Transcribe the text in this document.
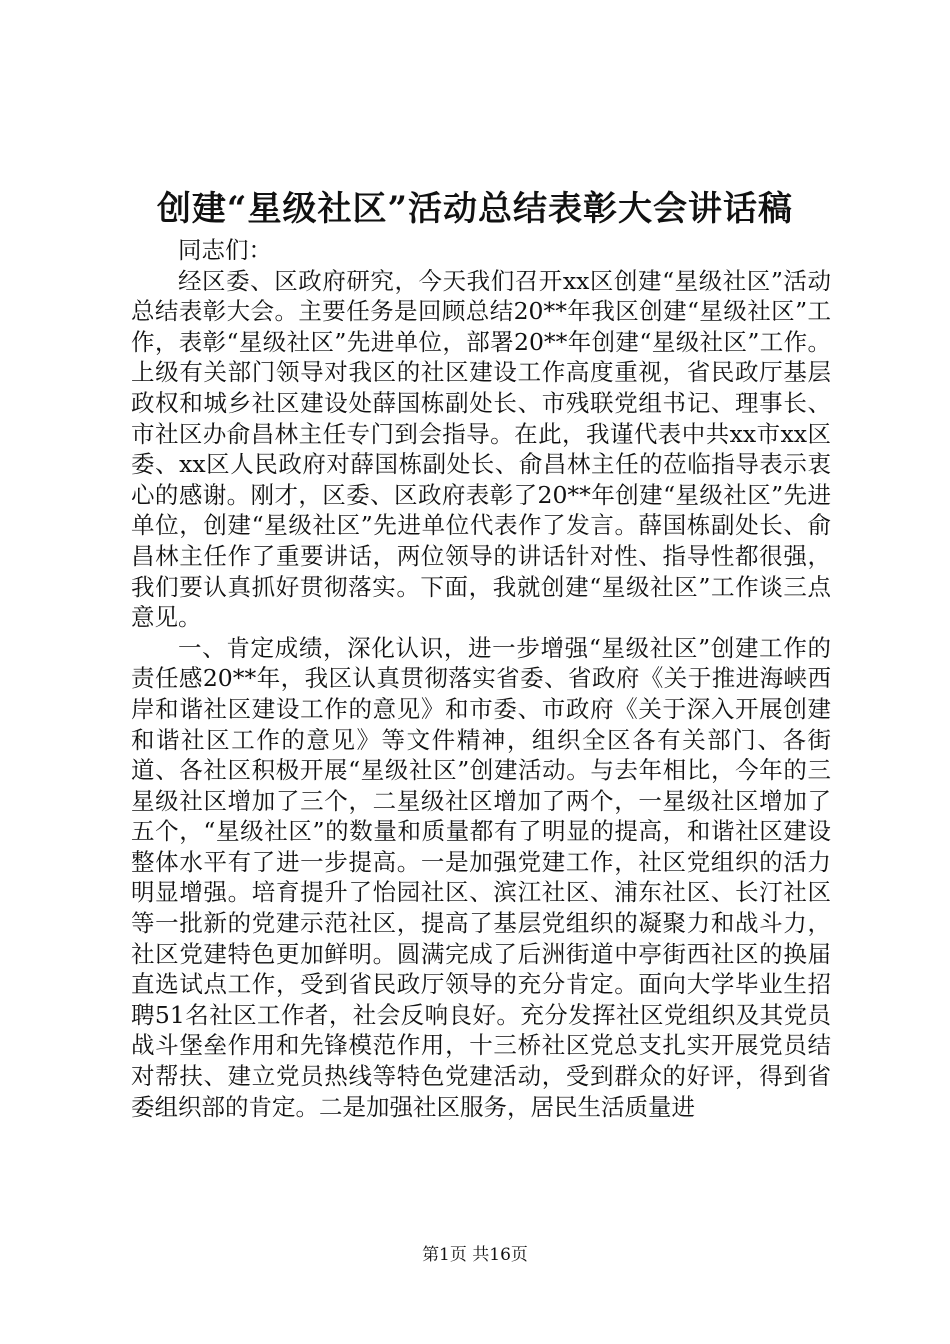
创建“星级社区”活动总结表彰大会讲话稿

同志们：

经区委、区政府研究，今天我们召开xx区创建“星级社区”活动总结表彰大会。主要任务是回顾总结20**年我区创建“星级社区”工作，表彰“星级社区”先进单位，部署20**年创建“星级社区”工作。上级有关部门领导对我区的社区建设工作高度重视，省民政厅基层政权和城乡社区建设处薛国栋副处长、市残联党组书记、理事长、市社区办俞昌林主任专门到会指导。在此，我谨代表中共xx市xx区委、xx区人民政府对薛国栋副处长、俞昌林主任的莅临指导表示衷心的感谢。刚才，区委、区政府表彰了20**年创建“星级社区”先进单位，创建“星级社区”先进单位代表作了发言。薛国栋副处长、俞昌林主任作了重要讲话，两位领导的讲话针对性、指导性都很强，我们要认真抓好贯彻落实。下面，我就创建“星级社区”工作谈三点意见。

一、肯定成绩，深化认识，进一步增强“星级社区”创建工作的责任感20**年，我区认真贯彻落实省委、省政府《关于推进海峡西岸和谐社区建设工作的意见》和市委、市政府《关于深入开展创建和谐社区工作的意见》等文件精神，组织全区各有关部门、各街道、各社区积极开展“星级社区”创建活动。与去年相比，今年的三星级社区增加了三个，二星级社区增加了两个，一星级社区增加了五个，“星级社区”的数量和质量都有了明显的提高，和谐社区建设整体水平有了进一步提高。一是加强党建工作，社区党组织的活力明显增强。培育提升了怡园社区、滨江社区、浦东社区、长汀社区等一批新的党建示范社区，提高了基层党组织的凝聚力和战斗力，社区党建特色更加鲜明。圆满完成了后洲街道中亭街西社区的换届直选试点工作，受到省民政厅领导的充分肯定。面向大学毕业生招聘51名社区工作者，社会反响良好。充分发挥社区党组织及其党员战斗堡垒作用和先锋模范作用，十三桥社区党总支扎实开展党员结对帮扶、建立党员热线等特色党建活动，受到群众的好评，得到省委组织部的肯定。二是加强社区服务，居民生活质量进

第1页 共16页
